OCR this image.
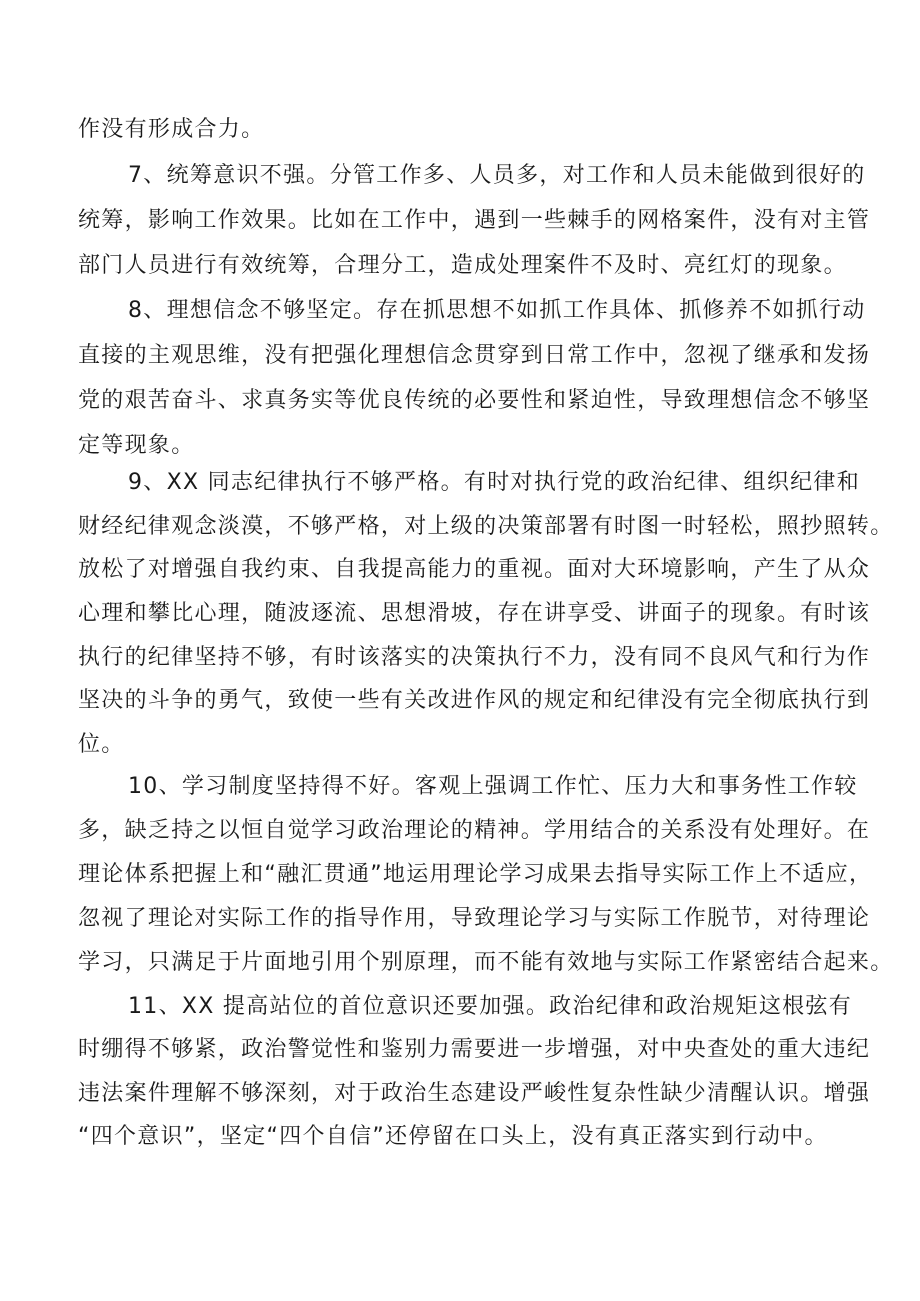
作没有形成合力。

7、统筹意识不强。分管工作多、人员多，对工作和人员未能做到很好的

统筹，影响工作效果。比如在工作中，遇到一些棘手的网格案件，没有对主管

部门人员进行有效统筹，合理分工，造成处理案件不及时、亮红灯的现象。

8、理想信念不够坚定。存在抓思想不如抓工作具体、抓修养不如抓行动

直接的主观思维，没有把强化理想信念贯穿到日常工作中，忽视了继承和发扬

党的艰苦奋斗、求真务实等优良传统的必要性和紧迫性，导致理想信念不够坚

定等现象。

9、XX 同志纪律执行不够严格。有时对执行党的政治纪律、组织纪律和

财经纪律观念淡漠，不够严格，对上级的决策部署有时图一时轻松，照抄照转。

放松了对增强自我约束、自我提高能力的重视。面对大环境影响，产生了从众

心理和攀比心理，随波逐流、思想滑坡，存在讲享受、讲面子的现象。有时该

执行的纪律坚持不够，有时该落实的决策执行不力，没有同不良风气和行为作

坚决的斗争的勇气，致使一些有关改进作风的规定和纪律没有完全彻底执行到

位。

10、学习制度坚持得不好。客观上强调工作忙、压力大和事务性工作较

多，缺乏持之以恒自觉学习政治理论的精神。学用结合的关系没有处理好。在

理论体系把握上和“融汇贯通”地运用理论学习成果去指导实际工作上不适应，

忽视了理论对实际工作的指导作用，导致理论学习与实际工作脱节，对待理论

学习，只满足于片面地引用个别原理，而不能有效地与实际工作紧密结合起来。

11、XX 提高站位的首位意识还要加强。政治纪律和政治规矩这根弦有

时绷得不够紧，政治警觉性和鉴别力需要进一步增强，对中央查处的重大违纪

违法案件理解不够深刻，对于政治生态建设严峻性复杂性缺少清醒认识。增强

“四个意识”，坚定“四个自信”还停留在口头上，没有真正落实到行动中。
